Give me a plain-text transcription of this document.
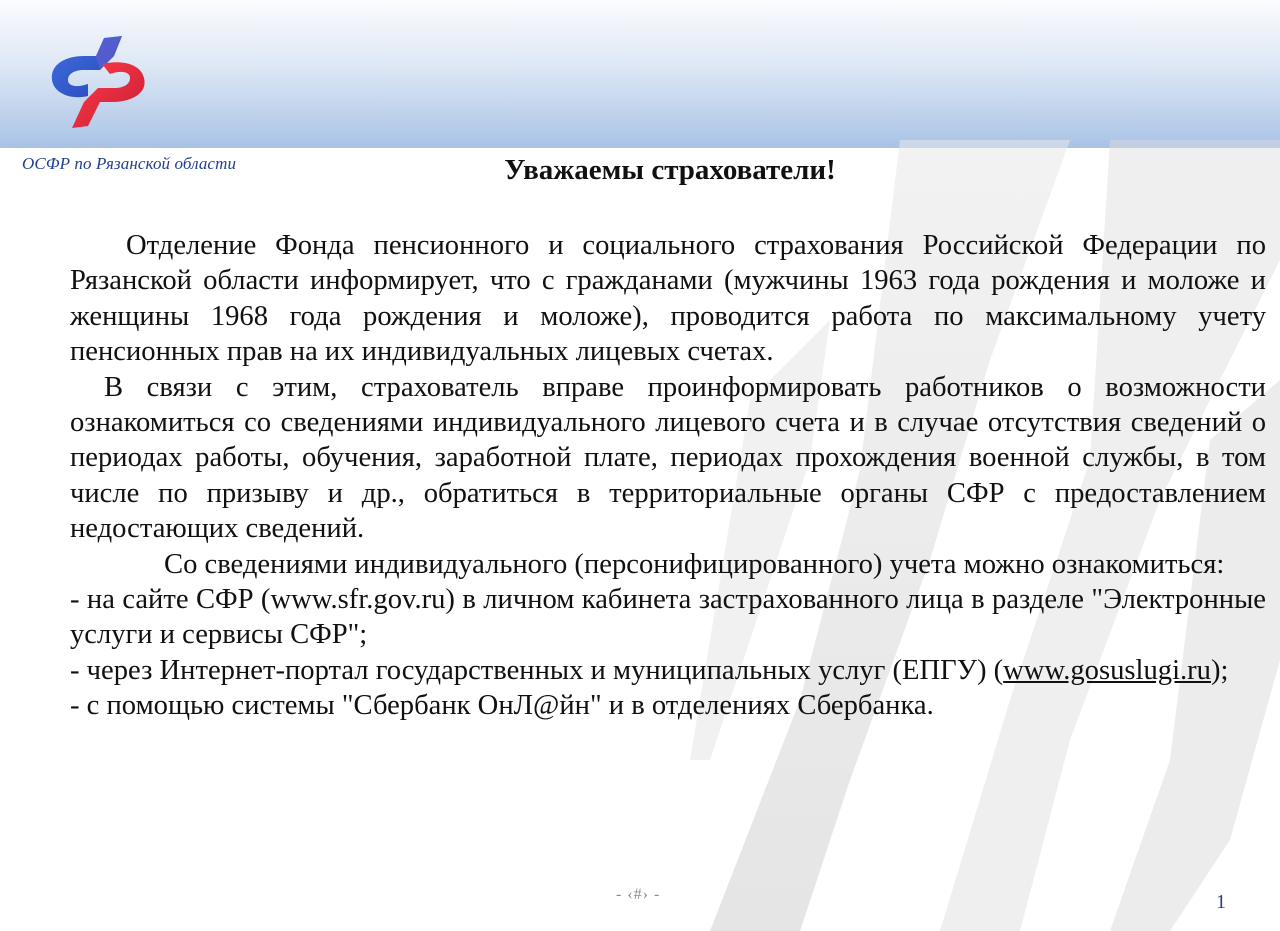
ОСФР по Рязанской области	Уважаемы страхователи!

Отделение Фонда пенсионного и социального страхования Российской Федерации по Рязанской области информирует, что с гражданами (мужчины 1963 года рождения и моложе и женщины 1968 года рождения и моложе), проводится работа по максимальному учету пенсионных прав на их индивидуальных лицевых счетах.

В связи с этим, страхователь вправе проинформировать работников о возможности ознакомиться со сведениями индивидуального лицевого счета и в случае отсутствия сведений о периодах работы, обучения, заработной плате, периодах прохождения военной службы, в том числе по призыву и др., обратиться в территориальные органы СФР с предоставлением недостающих сведений.

Со сведениями индивидуального (персонифицированного) учета можно ознакомиться:

- на сайте СФР (www.sfr.gov.ru) в личном кабинета застрахованного лица в разделе "Электронные услуги и сервисы СФР";

- через Интернет-портал государственных и муниципальных услуг (ЕПГУ) (www.gosuslugi.ru);

- с помощью системы "Сбербанк ОнЛ@йн" и в отделениях Сбербанка.

- ‹#› -	1
